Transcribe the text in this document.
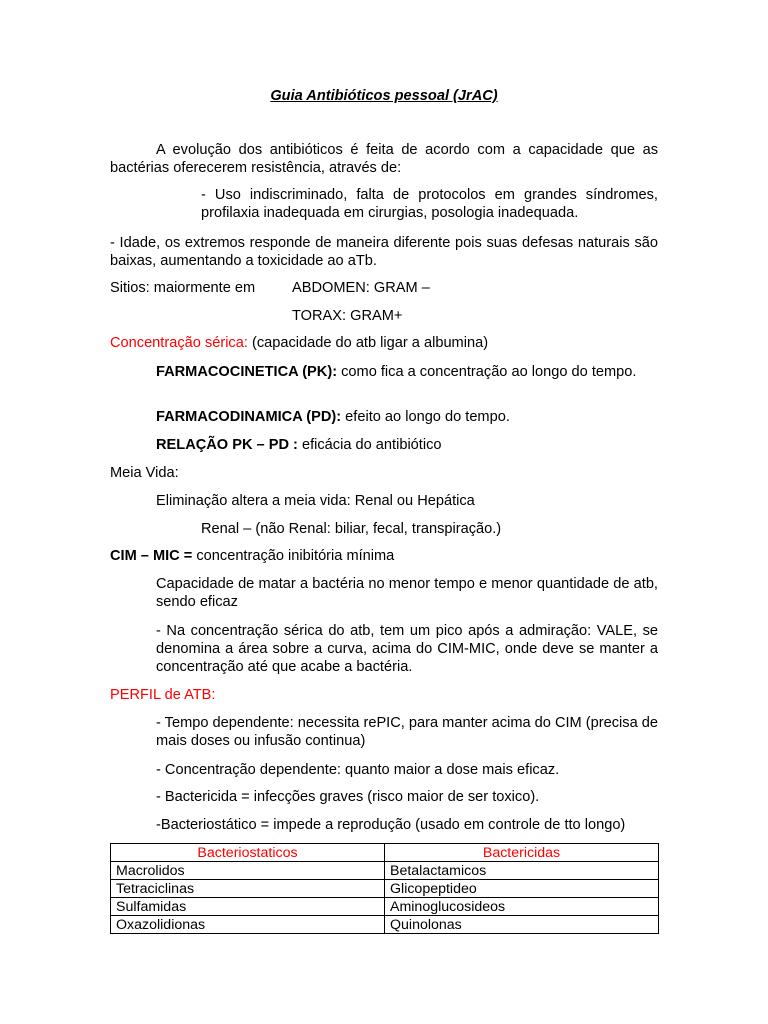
Guia Antibióticos pessoal (JrAC)

A evolução dos antibióticos é feita de acordo com a capacidade que as bactérias oferecerem resistência, através de:

- Uso indiscriminado, falta de protocolos em grandes síndromes, profilaxia inadequada em cirurgias, posologia inadequada.

- Idade, os extremos responde de maneira diferente pois suas defesas naturais são baixas, aumentando a toxicidade ao aTb.

Sitios: maiormente em	ABDOMEN: GRAM –

TORAX: GRAM+

Concentração sérica: (capacidade do atb ligar a albumina)

FARMACOCINETICA (PK): como fica a concentração ao longo do tempo.

FARMACODINAMICA (PD): efeito ao longo do tempo.

RELAÇÃO PK – PD : eficácia do antibiótico

Meia Vida:

Eliminação altera a meia vida: Renal ou Hepática

Renal – (não Renal: biliar, fecal, transpiração.)

CIM – MIC = concentração inibitória mínima

Capacidade de matar a bactéria no menor tempo e menor quantidade de atb, sendo eficaz

- Na concentração sérica do atb, tem um pico após a admiração: VALE, se denomina a área sobre a curva, acima do CIM-MIC, onde deve se manter a concentração até que acabe a bactéria.

PERFIL de ATB:

- Tempo dependente: necessita rePIC, para manter acima do CIM (precisa de mais doses ou infusão continua)

- Concentração dependente: quanto maior a dose mais eficaz.

- Bactericida = infecções graves (risco maior de ser toxico).

-Bacteriostático = impede a reprodução (usado em controle de tto longo)

Bacteriostaticos	Bactericidas
Macrolidos	Betalactamicos
Tetraciclinas	Glicopeptideo
Sulfamidas	Aminoglucosideos
Oxazolidionas	Quinolonas
